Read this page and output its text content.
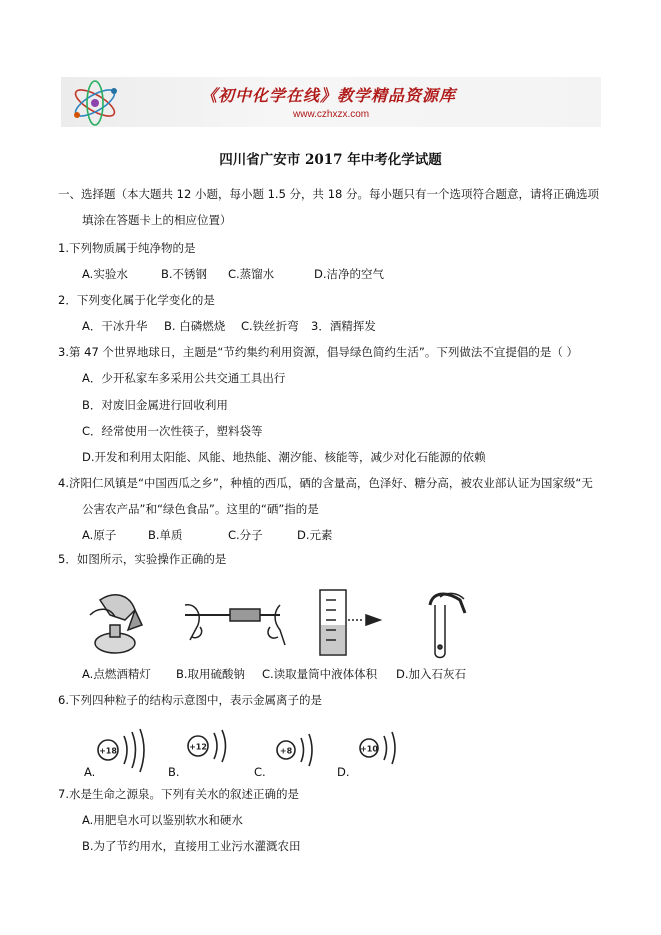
《初中化学在线》教学精品资源库
www.czhxzx.com
四川省广安市 2017 年中考化学试题
一、选择题（本大题共 12 小题，每小题 1.5 分，共 18 分。每小题只有一个选项符合题意，请将正确选项
填涂在答题卡上的相应位置）
1.下列物质属于纯净物的是
A.实验水	B.不锈钢 C.蒸馏水	D.洁净的空气
2．下列变化属于化学变化的是
A．干冰升华 B. 白磷燃烧 C.铁丝折弯 3．酒精挥发
3.第 47 个世界地球日，主题是“节约集约利用资源，倡导绿色简约生活”。下列做法不宜提倡的是（ ）
A．少开私家车多采用公共交通工具出行
B．对废旧金属进行回收利用
C．经常使用一次性筷子，塑料袋等
D.开发和利用太阳能、风能、地热能、潮汐能、核能等，减少对化石能源的依赖
4.济阳仁风镇是“中国西瓜之乡”，种植的西瓜，硒的含量高，色泽好、糖分高，被农业部认证为国家级“无
公害农产品”和“绿色食品”。这里的“硒”指的是
A.原子	B.单质	C.分子	D.元素
5．如图所示，实验操作正确的是
A.点燃酒精灯 B.取用硫酸钠 C.读取量筒中液体体积 D.加入石灰石
6.下列四种粒子的结构示意图中，表示金属离子的是
+18	+12	+8	+10
A.	B.	C.	D.
7.水是生命之源泉。下列有关水的叙述正确的是
A.用肥皂水可以鉴别软水和硬水
B.为了节约用水，直接用工业污水灌溉农田
